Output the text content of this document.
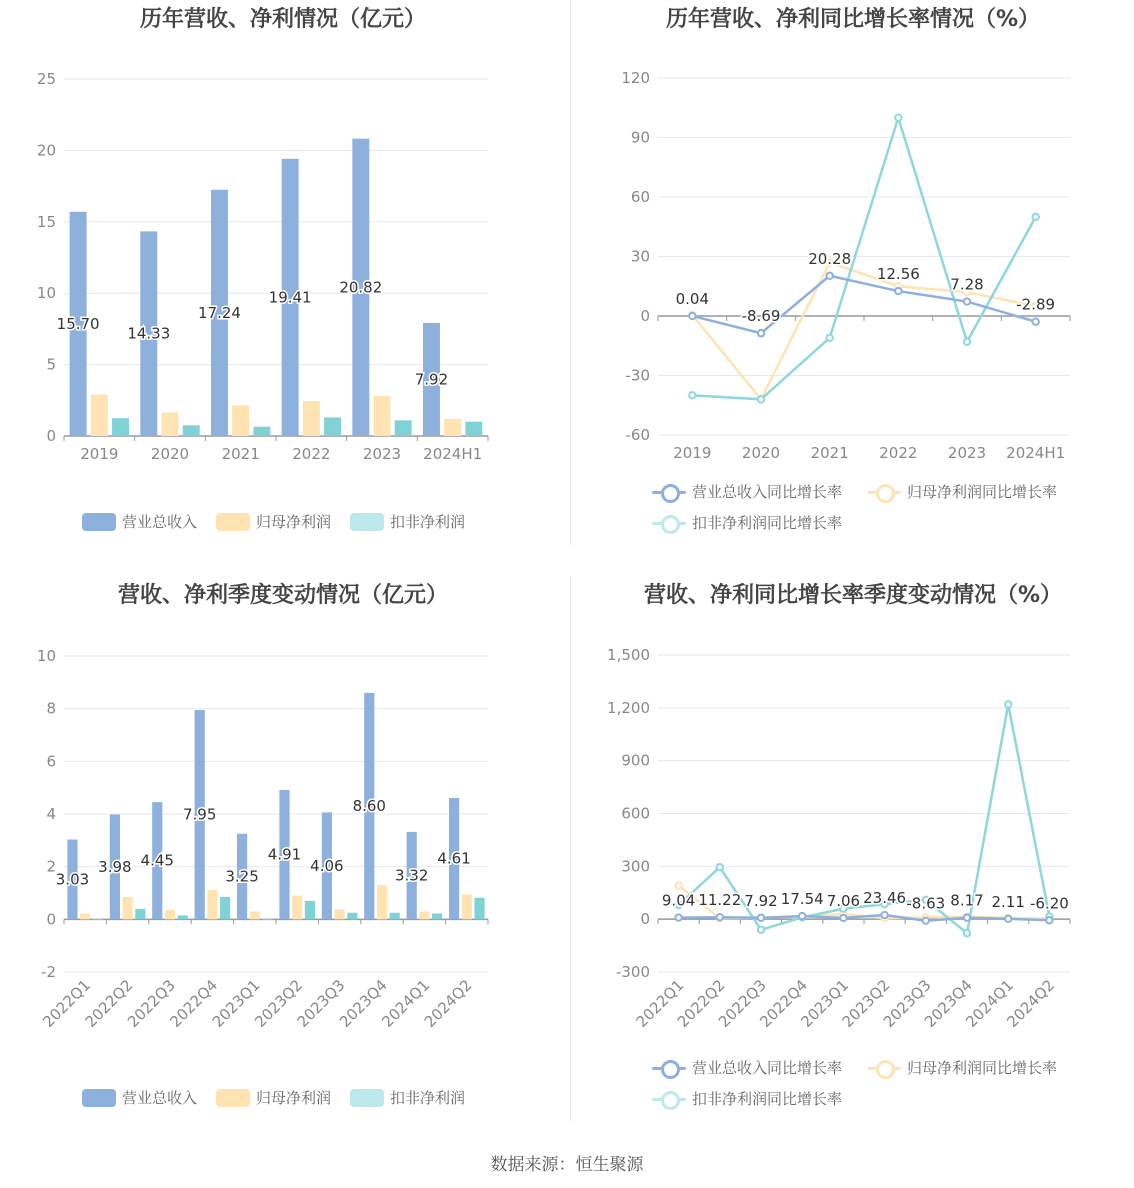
历年营收、净利情况（亿元）
0
5
10
15
20
25
2019 2020 2021 2022 2023 2024H1
15.70
14.33
17.24
19.41
20.82
7.92
营业总收入	归母净利润	扣非净利润
历年营收、净利同比增长率情况（%）
-60
-30
0
30
60
90
120
2019 2020 2021 2022 2023 2024H1
0.04
-8.69
20.28
12.56
7.28
-2.89
营业总收入同比增长率	归母净利润同比增长率
扣非净利润同比增长率
营收、净利季度变动情况（亿元）
-2
0
2
4
6
8
10
2022Q1
2022Q2
2022Q3
2022Q4
2023Q1
2023Q2
2023Q3
2023Q4
2024Q1
2024Q2
3.03
3.98 4.45
7.95
3.25
4.91
4.06
8.60
3.32
4.61
营业总收入	归母净利润	扣非净利润
营收、净利同比增长率季度变动情况（%）
-300
0
300
600
900
1,200
1,500
2022Q1
2022Q2
2022Q3
2022Q4
2023Q1
2023Q2
2023Q3
2023Q4
2024Q1
2024Q2
9.04 11.22 7.92 17.54 7.06 23.46 -8.63 8.17 2.11 -6.20
营业总收入同比增长率	归母净利润同比增长率
扣非净利润同比增长率
数据来源：恒生聚源
